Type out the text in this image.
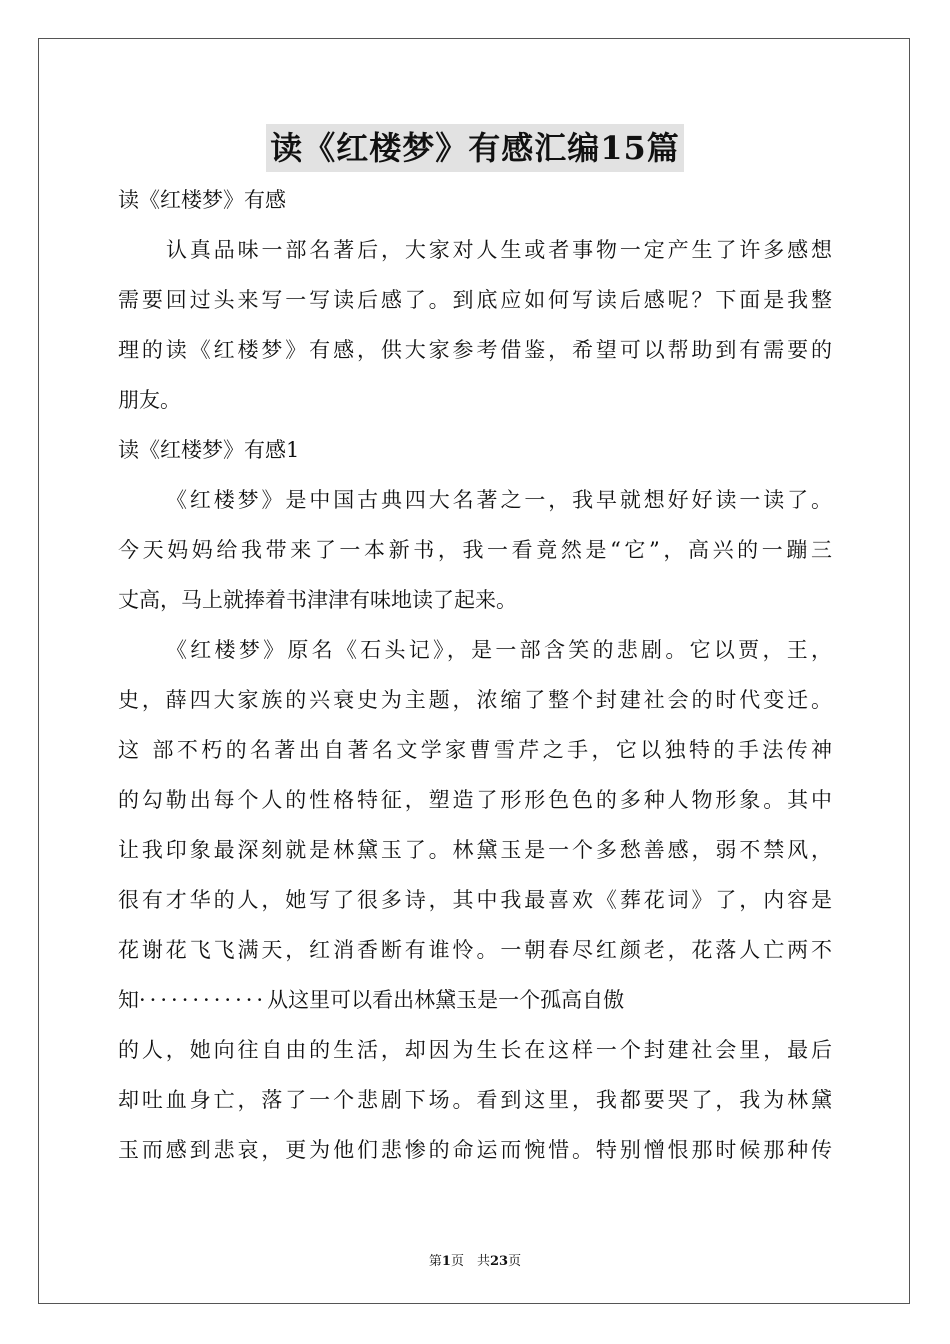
读《红楼梦》有感汇编15篇
读《红楼梦》有感
认真品味一部名著后，大家对人生或者事物一定产生了许多感想
需要回过头来写一写读后感了。到底应如何写读后感呢？下面是我整
理的读《红楼梦》有感，供大家参考借鉴，希望可以帮助到有需要的
朋友。
读《红楼梦》有感1
《红楼梦》是中国古典四大名著之一，我早就想好好读一读了。
今天妈妈给我带来了一本新书，我一看竟然是“它”，高兴的一蹦三
丈高，马上就捧着书津津有味地读了起来。
《红楼梦》原名《石头记》，是一部含笑的悲剧。它以贾，王，
史，薛四大家族的兴衰史为主题，浓缩了整个封建社会的时代变迁。
这 部不朽的名著出自著名文学家曹雪芹之手，它以独特的手法传神
的勾勒出每个人的性格特征，塑造了形形色色的多种人物形象。其中
让我印象最深刻就是林黛玉了。林黛玉是一个多愁善感，弱不禁风，
很有才华的人，她写了很多诗，其中我最喜欢《葬花词》了，内容是
花谢花飞飞满天，红消香断有谁怜。一朝春尽红颜老，花落人亡两不
知············从这里可以看出林黛玉是一个孤高自傲
的人，她向往自由的生活，却因为生长在这样一个封建社会里，最后
却吐血身亡，落了一个悲剧下场。看到这里，我都要哭了，我为林黛
玉而感到悲哀，更为他们悲惨的命运而惋惜。特别憎恨那时候那种传
第1页　共23页
